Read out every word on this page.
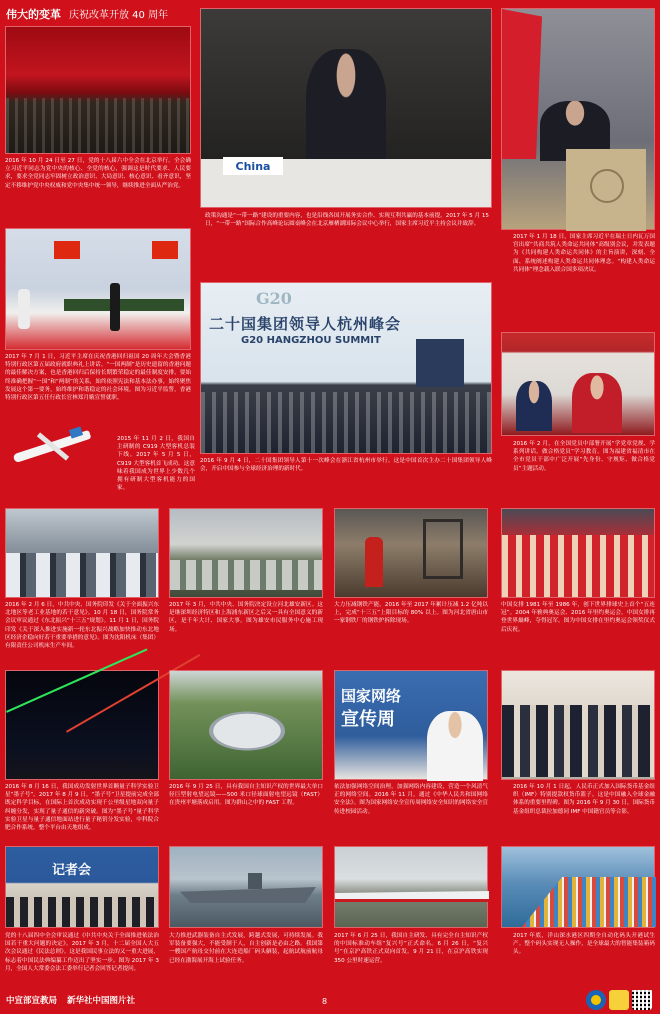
伟大的变革 庆祝改革开放 40 周年
2016 年 10 月 24 日至 27 日，党的十八届六中全会在北京举行。全会确立习近平同志为党中央的核心、全党的核心，强调这是时代要求、人民要求，要求全党同志牢固树立政治意识、大局意识、核心意识、看齐意识，坚定不移维护党中央权威和党中央集中统一领导，继续推进全面从严治党。
China
政策沟通是“一带一路”建设的重要内容，也是沿线各国开展务实合作、实现互利共赢的基本前提。2017 年 5 月 15 日，“一带一路”国际合作高峰论坛圆桌峰会在北京雁栖湖国际会议中心举行，国家主席习近平主持会议并致辞。
2017 年 1 月 18 日，国家主席习近平在瑞士日内瓦万国宫出席“共商共筑人类命运共同体”高级别会议，并发表题为《共同构建人类命运共同体》的主旨演讲，深刻、全面、系统阐述构建人类命运共同体理念。“构建人类命运共同体”理念载入联合国多项决议。
2017 年 7 月 1 日，习近平主席在庆祝香港回归祖国 20 周年大会暨香港特别行政区第五届政府就职典礼上讲话。“一国两制”是历史遗留的香港问题的最佳解决方案，也是香港回归后保持长期繁荣稳定的最佳制度安排。要始终准确把握“一国”和“两制”的关系，始终依照宪法和基本法办事，始终聚焦发展这个第一要务，始终维护和谐稳定的社会环境。图为习近平监誓，香港特别行政区第五任行政长官林郑月娥宣誓就职。
G20
二十国集团领导人杭州峰会
G20 HANGZHOU SUMMIT
2016 年 9 月 4 日，二十国集团领导人第十一次峰会在浙江省杭州市举行。这是中国首次主办二十国集团领导人峰会，开启中国参与全球经济治理的新时代。
2015 年 11 月 2 日，我国自主研制的 C919 大型客机总装下线。2017 年 5 月 5 日，C919 大型客机首飞成功。这意味着我国成为世界上少数几个拥有研制大型客机能力的国家。
2016 年 2 月，在全国党员中部署开展“学党章党规、学系列讲话，做合格党员”学习教育。图为福建省福清市在全市党员干部中广泛开展“先身份、守规矩、做合格党员”主题活动。
2016 年 2 月 6 日，中共中央、国务院印发《关于全面振兴东北地区等老工业基地的若干意见》。10 月 18 日，国务院常务会议审议通过《东北振兴“十三五”规划》。11 月 1 日，国务院印发《关于深入推进实施新一轮东北振兴战略加快推动东北地区经济企稳向好若干重要举措的意见》。图为沈阳机床（集团）有限责任公司机床生产车间。
2017 年 3 月，中共中央、国务院决定设立河北雄安新区。这是继深圳经济特区和上海浦东新区之后又一具有全国意义的新区，是千年大计、国家大事。图为雄安市民服务中心施工现场。
大力压减钢铁产能。2016 年至 2017 年累计压减 1.2 亿吨以上，完成“十三五”上限目标的 80% 以上。图为河北省唐山市一家钢铁厂的钢铁炉拆除现场。
中国女排 1981 年至 1986 年，创下世界排球史上首个“五连冠”。2004 年雅典奥运会、2016 年里约奥运会，中国女排再登世界巅峰，夺得冠军。图为中国女排在里约奥运会领奖仪式后庆祝。
2016 年 8 月 16 日，我国成功发射世界首颗量子科学实验卫星“墨子号”。2017 年 8 月 9 日，“墨子号”卫星提前完成全部既定科学目标，在国际上首次成功实现千公里级星地双向量子纠缠分发，实现了量子通信的新突破。图为“墨子号”量子科学实验卫星与量子通信地面站进行量子秘钥分发实验，中科院合肥合作系统，整个平台由天地组成。
2016 年 9 月 25 日，具有我国自主知识产权的世界最大单口径巨型射电望远镜——500 米口径球面射电望远镜（FAST）在贵州平塘落成启用。图为群山之中的 FAST 工程。
国家网络
宣传周
依法加强网络空间治理，加强网络内容建设，营造一个风清气正的网络空间。2016 年 11 月，通过《中华人民共和国网络安全法》。图为国家网络安全宣传周网络安全知识的网络安全宣传进校园活动。
2016 年 10 月 1 日起，人民币正式加入国际货币基金组织（IMF）特别提款权货币篮子。这是中国融入全球金融体系的重要里程碑。图为 2016 年 9 月 30 日，国际货币基金组织总裁拉加德同 IMF 中国籍官员等合影。
记者会
党的十八届四中全会审议通过《中共中央关于全面推进依法治国若干重大问题的决定》。2017 年 3 月，十二届全国人大五次会议通过《民法总则》。这是我国民事立法的又一重大进展，标志着中国民法典编纂工作迈出了坚实一步。图为 2017 年 3 月，全国人大常委会法工委举行记者会回答记者提问。
大力推进武器装备自主式发展，跨越式发展，可持续发展。我军装备要强大，不能受制于人，自主创新是必由之路。我国第一艘国产航母交付前在大连造船厂码头舾装，起航试航前航母已经在渤海展开海上试验任务。
2017 年 6 月 25 日，我国自主研发、具有完全自主知识产权的中国标准动车组“复兴号”正式命名。6 月 26 日，“复兴号”在京沪高铁正式双向首发。9 月 21 日，在京沪高铁实现 350 公里时速运营。
2017 年底，洋山深水港区四期全自动化码头开港试生产。整个码头实现无人操作，是全球最大的智能集装箱码头。
中宣部宣教局 新华社中国图片社	8
